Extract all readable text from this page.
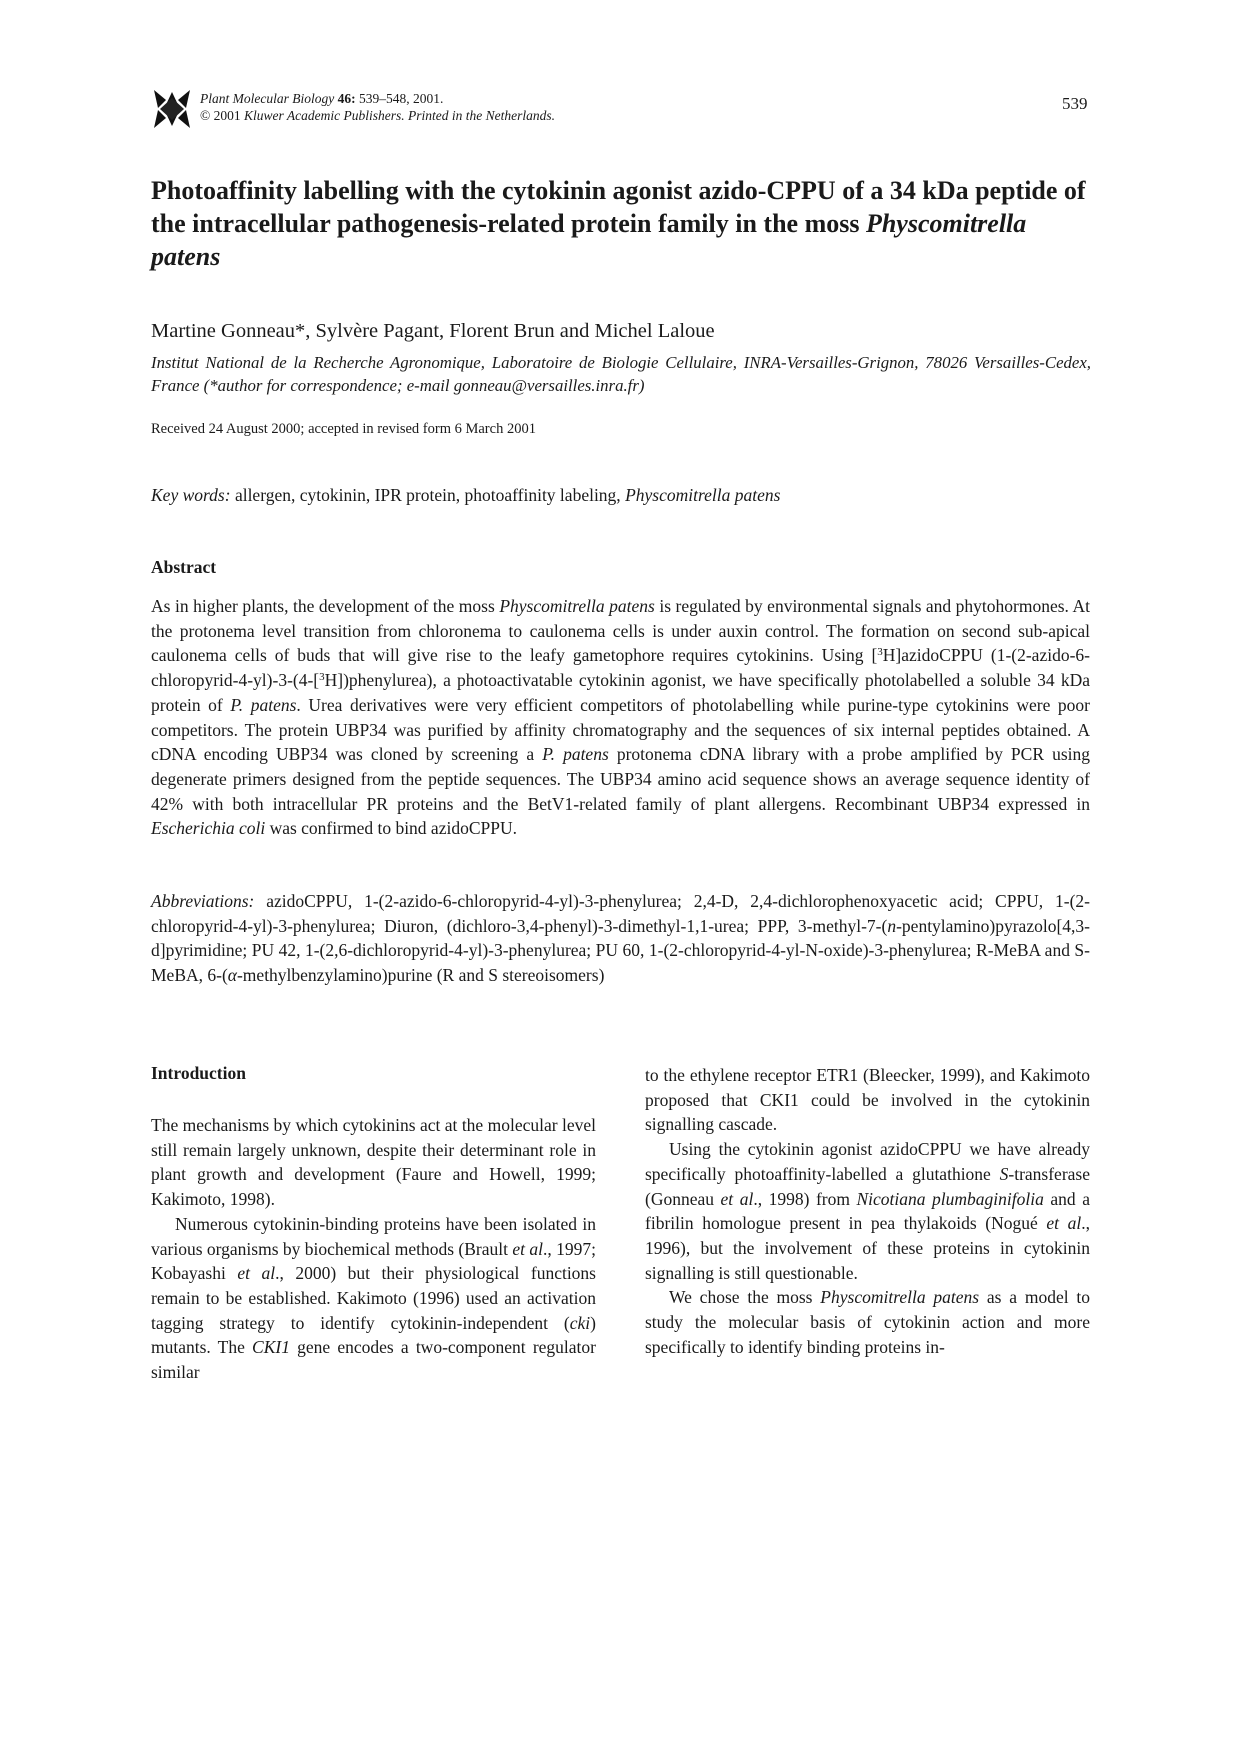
Plant Molecular Biology 46: 539–548, 2001.
© 2001 Kluwer Academic Publishers. Printed in the Netherlands.
539
Photoaffinity labelling with the cytokinin agonist azido-CPPU of a 34 kDa peptide of the intracellular pathogenesis-related protein family in the moss Physcomitrella patens
Martine Gonneau*, Sylvère Pagant, Florent Brun and Michel Laloue
Institut National de la Recherche Agronomique, Laboratoire de Biologie Cellulaire, INRA-Versailles-Grignon, 78026 Versailles-Cedex, France (*author for correspondence; e-mail gonneau@versailles.inra.fr)
Received 24 August 2000; accepted in revised form 6 March 2001
Key words: allergen, cytokinin, IPR protein, photoaffinity labeling, Physcomitrella patens
Abstract
As in higher plants, the development of the moss Physcomitrella patens is regulated by environmental signals and phytohormones. At the protonema level transition from chloronema to caulonema cells is under auxin control. The formation on second sub-apical caulonema cells of buds that will give rise to the leafy gametophore requires cytokinins. Using [$^3$H]azidoCPPU (1-(2-azido-6-chloropyrid-4-yl)-3-(4-[$^3$H])phenylurea), a photoactivatable cytokinin agonist, we have specifically photolabelled a soluble 34 kDa protein of P. patens. Urea derivatives were very efficient competitors of photolabelling while purine-type cytokinins were poor competitors. The protein UBP34 was purified by affinity chromatography and the sequences of six internal peptides obtained. A cDNA encoding UBP34 was cloned by screening a P. patens protonema cDNA library with a probe amplified by PCR using degenerate primers designed from the peptide sequences. The UBP34 amino acid sequence shows an average sequence identity of 42% with both intracellular PR proteins and the BetV1-related family of plant allergens. Recombinant UBP34 expressed in Escherichia coli was confirmed to bind azidoCPPU.
Abbreviations: azidoCPPU, 1-(2-azido-6-chloropyrid-4-yl)-3-phenylurea; 2,4-D, 2,4-dichlorophenoxyacetic acid; CPPU, 1-(2-chloropyrid-4-yl)-3-phenylurea; Diuron, (dichloro-3,4-phenyl)-3-dimethyl-1,1-urea; PPP, 3-methyl-7-(n-pentylamino)pyrazolo[4,3-d]pyrimidine; PU 42, 1-(2,6-dichloropyrid-4-yl)-3-phenylurea; PU 60, 1-(2-chloropyrid-4-yl-N-oxide)-3-phenylurea; R-MeBA and S-MeBA, 6-(α-methylbenzylamino)purine (R and S stereoisomers)
Introduction

The mechanisms by which cytokinins act at the molecular level still remain largely unknown, despite their determinant role in plant growth and development (Faure and Howell, 1999; Kakimoto, 1998).

Numerous cytokinin-binding proteins have been isolated in various organisms by biochemical methods (Brault et al., 1997; Kobayashi et al., 2000) but their physiological functions remain to be established. Kakimoto (1996) used an activation tagging strategy to identify cytokinin-independent (cki) mutants. The CKI1 gene encodes a two-component regulator similar

to the ethylene receptor ETR1 (Bleecker, 1999), and Kakimoto proposed that CKI1 could be involved in the cytokinin signalling cascade.

Using the cytokinin agonist azidoCPPU we have already specifically photoaffinity-labelled a glutathione S-transferase (Gonneau et al., 1998) from Nicotiana plumbaginifolia and a fibrilin homologue present in pea thylakoids (Nogué et al., 1996), but the involvement of these proteins in cytokinin signalling is still questionable.

We chose the moss Physcomitrella patens as a model to study the molecular basis of cytokinin action and more specifically to identify binding proteins in-
